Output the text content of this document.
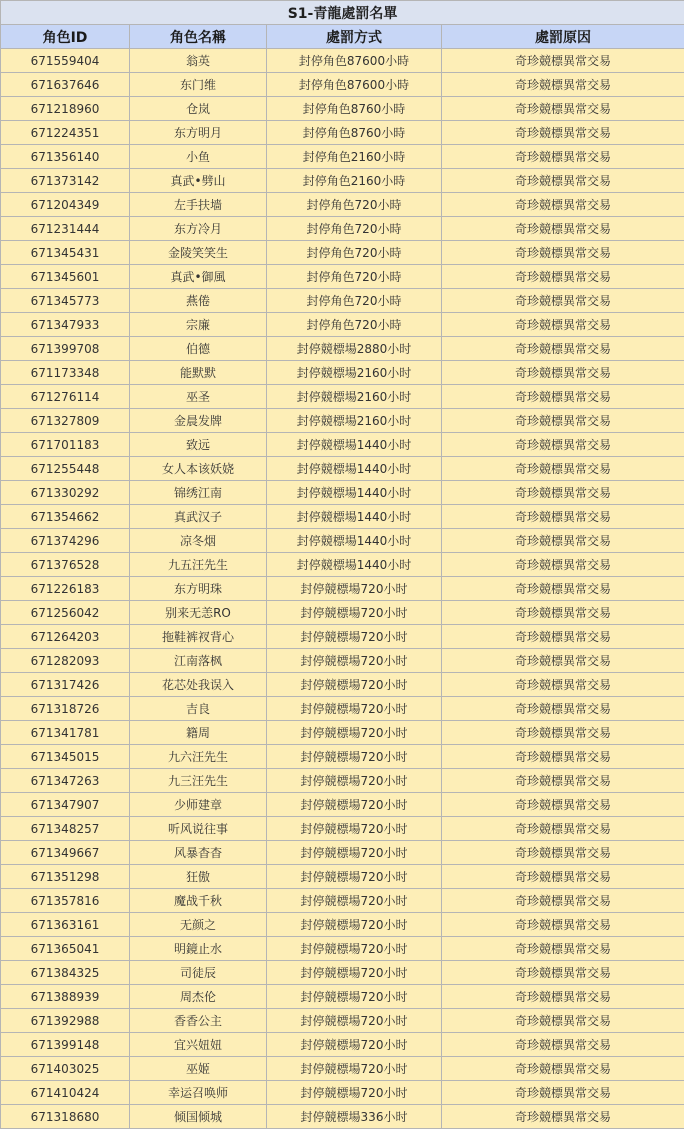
S1-青龍處罰名單			
角色ID	角色名稱	處罰方式	處罰原因
671559404	翁英	封停角色87600小時	奇珍競標異常交易
671637646	东门维	封停角色87600小時	奇珍競標異常交易
671218960	仓岚	封停角色8760小時	奇珍競標異常交易
671224351	东方明月	封停角色8760小時	奇珍競標異常交易
671356140	小鱼	封停角色2160小時	奇珍競標異常交易
671373142	真武•劈山	封停角色2160小時	奇珍競標異常交易
671204349	左手扶墙	封停角色720小時	奇珍競標異常交易
671231444	东方冷月	封停角色720小時	奇珍競標異常交易
671345431	金陵笑笑生	封停角色720小時	奇珍競標異常交易
671345601	真武•御風	封停角色720小時	奇珍競標異常交易
671345773	燕倦	封停角色720小時	奇珍競標異常交易
671347933	宗廉	封停角色720小時	奇珍競標異常交易
671399708	伯德	封停競標場2880小时	奇珍競標異常交易
671173348	能默默	封停競標場2160小时	奇珍競標異常交易
671276114	巫圣	封停競標場2160小时	奇珍競標異常交易
671327809	金晨发牌	封停競標場2160小时	奇珍競標異常交易
671701183	致远	封停競標場1440小时	奇珍競標異常交易
671255448	女人本该妖娆	封停競標場1440小时	奇珍競標異常交易
671330292	锦绣江南	封停競標場1440小时	奇珍競標異常交易
671354662	真武汉子	封停競標場1440小时	奇珍競標異常交易
671374296	凉冬烟	封停競標場1440小时	奇珍競標異常交易
671376528	九五汪先生	封停競標場1440小时	奇珍競標異常交易
671226183	东方明珠	封停競標場720小时	奇珍競標異常交易
671256042	别来无恙RO	封停競標場720小时	奇珍競標異常交易
671264203	拖鞋裤衩背心	封停競標場720小时	奇珍競標異常交易
671282093	江南落枫	封停競標場720小时	奇珍競標異常交易
671317426	花芯处我误入	封停競標場720小时	奇珍競標異常交易
671318726	吉良	封停競標場720小时	奇珍競標異常交易
671341781	籍周	封停競標場720小时	奇珍競標異常交易
671345015	九六汪先生	封停競標場720小时	奇珍競標異常交易
671347263	九三汪先生	封停競標場720小时	奇珍競標異常交易
671347907	少师建章	封停競標場720小时	奇珍競標異常交易
671348257	听风说往事	封停競標場720小时	奇珍競標異常交易
671349667	风暴杳杳	封停競標場720小时	奇珍競標異常交易
671351298	狂傲	封停競標場720小时	奇珍競標異常交易
671357816	魔战千秋	封停競標場720小时	奇珍競標異常交易
671363161	无颜之	封停競標場720小时	奇珍競標異常交易
671365041	明鏡止水	封停競標場720小时	奇珍競標異常交易
671384325	司徒辰	封停競標場720小时	奇珍競標異常交易
671388939	周杰伦	封停競標場720小时	奇珍競標異常交易
671392988	香香公主	封停競標場720小时	奇珍競標異常交易
671399148	宜兴妞妞	封停競標場720小时	奇珍競標異常交易
671403025	巫姬	封停競標場720小时	奇珍競標異常交易
671410424	幸运召唤师	封停競標場720小时	奇珍競標異常交易
671318680	倾国倾城	封停競標場336小时	奇珍競標異常交易
